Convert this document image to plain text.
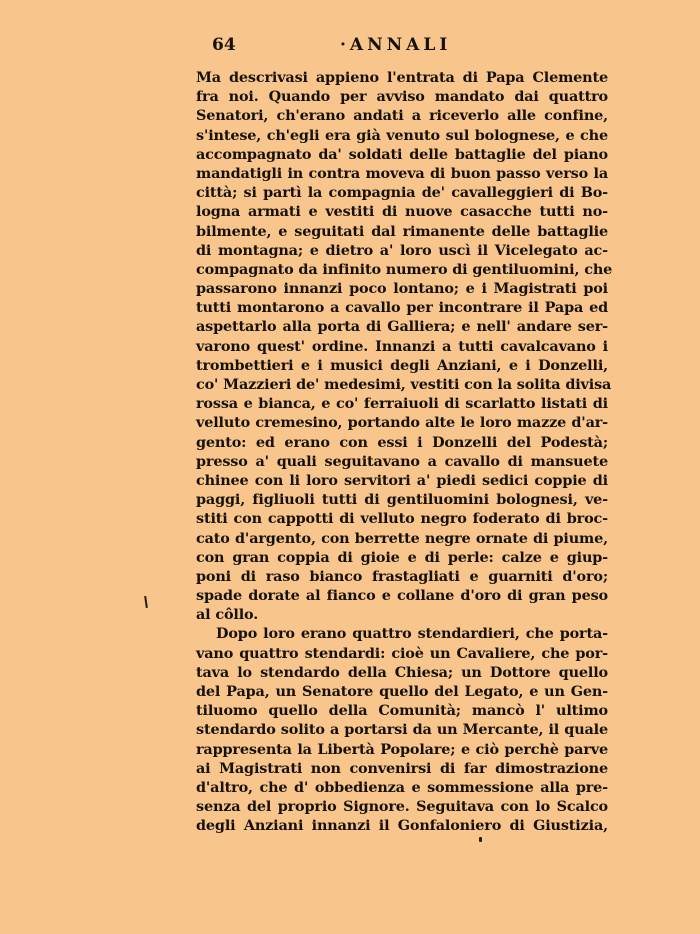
64	·ANNALI
Ma descrivasi appieno l'entrata di Papa Clemente
fra noi. Quando per avviso mandato dai quattro
Senatori, ch'erano andati a riceverlo alle confine,
s'intese, ch'egli era già venuto sul bolognese, e che
accompagnato da' soldati delle battaglie del piano
mandatigli in contra moveva di buon passo verso la
città; si partì la compagnia de' cavalleggieri di Bo-
logna armati e vestiti di nuove casacche tutti no-
bilmente, e seguitati dal rimanente delle battaglie
di montagna; e dietro a' loro uscì il Vicelegato ac-
compagnato da infinito numero di gentiluomini, che
passarono innanzi poco lontano; e i Magistrati poi
tutti montarono a cavallo per incontrare il Papa ed
aspettarlo alla porta di Galliera; e nell' andare ser-
varono quest' ordine. Innanzi a tutti cavalcavano i
trombettieri e i musici degli Anziani, e i Donzelli,
co' Mazzieri de' medesimi, vestiti con la solita divisa
rossa e bianca, e co' ferraiuoli di scarlatto listati di
velluto cremesino, portando alte le loro mazze d'ar-
gento: ed erano con essi i Donzelli del Podestà;
presso a' quali seguitavano a cavallo di mansuete
chinee con li loro servitori a' piedi sedici coppie di
paggi, figliuoli tutti di gentiluomini bolognesi, ve-
stiti con cappotti di velluto negro foderato di broc-
cato d'argento, con berrette negre ornate di piume,
con gran coppia di gioie e di perle: calze e giup-
poni di raso bianco frastagliati e guarniti d'oro;
spade dorate al fianco e collane d'oro di gran peso
al côllo.
Dopo loro erano quattro stendardieri, che porta-
vano quattro stendardi: cioè un Cavaliere, che por-
tava lo stendardo della Chiesa; un Dottore quello
del Papa, un Senatore quello del Legato, e un Gen-
tiluomo quello della Comunità; mancò l' ultimo
stendardo solito a portarsi da un Mercante, il quale
rappresenta la Libertà Popolare; e ciò perchè parve
ai Magistrati non convenirsi di far dimostrazione
d'altro, che d' obbedienza e sommessione alla pre-
senza del proprio Signore. Seguitava con lo Scalco
degli Anziani innanzi il Gonfaloniero di Giustizia,
